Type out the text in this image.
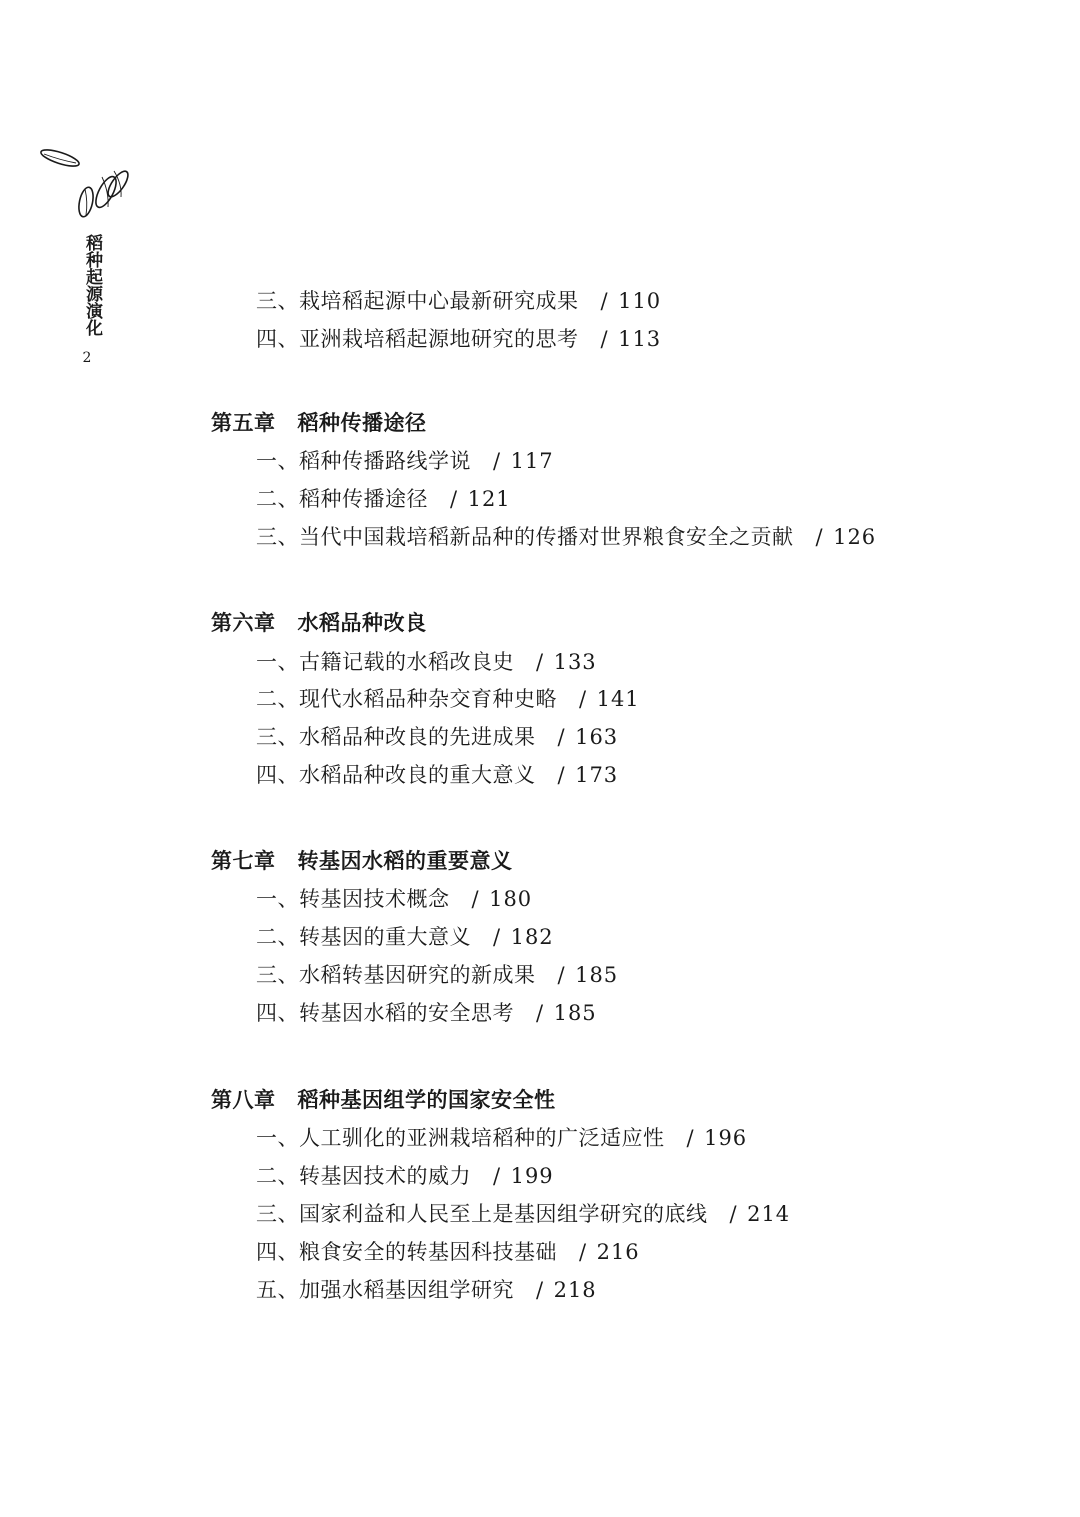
稻种起源演化
2
三、栽培稻起源中心最新研究成果 / 110
四、亚洲栽培稻起源地研究的思考 / 113
第五章 稻种传播途径
一、稻种传播路线学说 / 117
二、稻种传播途径 / 121
三、当代中国栽培稻新品种的传播对世界粮食安全之贡献 / 126
第六章 水稻品种改良
一、古籍记载的水稻改良史 / 133
二、现代水稻品种杂交育种史略 / 141
三、水稻品种改良的先进成果 / 163
四、水稻品种改良的重大意义 / 173
第七章 转基因水稻的重要意义
一、转基因技术概念 / 180
二、转基因的重大意义 / 182
三、水稻转基因研究的新成果 / 185
四、转基因水稻的安全思考 / 185
第八章 稻种基因组学的国家安全性
一、人工驯化的亚洲栽培稻种的广泛适应性 / 196
二、转基因技术的威力 / 199
三、国家利益和人民至上是基因组学研究的底线 / 214
四、粮食安全的转基因科技基础 / 216
五、加强水稻基因组学研究 / 218
